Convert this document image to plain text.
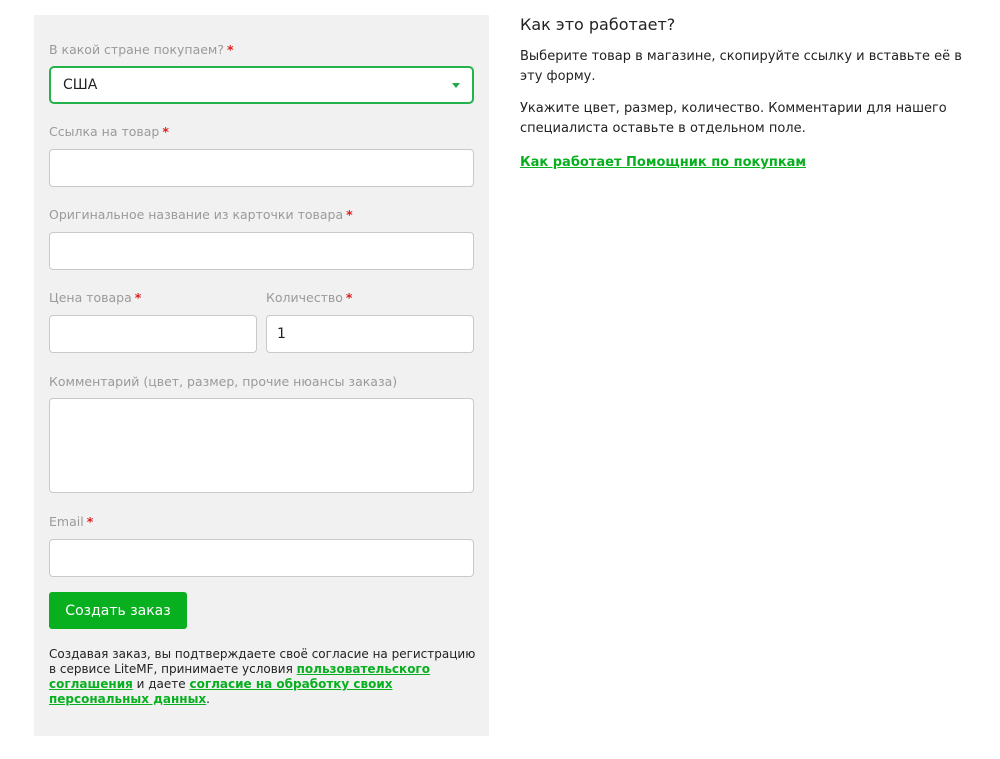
В какой стране покупаем? *
США
Ссылка на товар *
Оригинальное название из карточки товара *
Цена товара *	Количество *
1
Комментарий (цвет, размер, прочие нюансы заказа)
Email *
Создать заказ
Создавая заказ, вы подтверждаете своё согласие на регистрацию в сервисе LiteMF, принимаете условия пользовательского соглашения и даете согласие на обработку своих персональных данных.
Как это работает?

Выберите товар в магазине, скопируйте ссылку и вставьте её в эту форму.

Укажите цвет, размер, количество. Комментарии для нашего специалиста оставьте в отдельном поле.

Как работает Помощник по покупкам
